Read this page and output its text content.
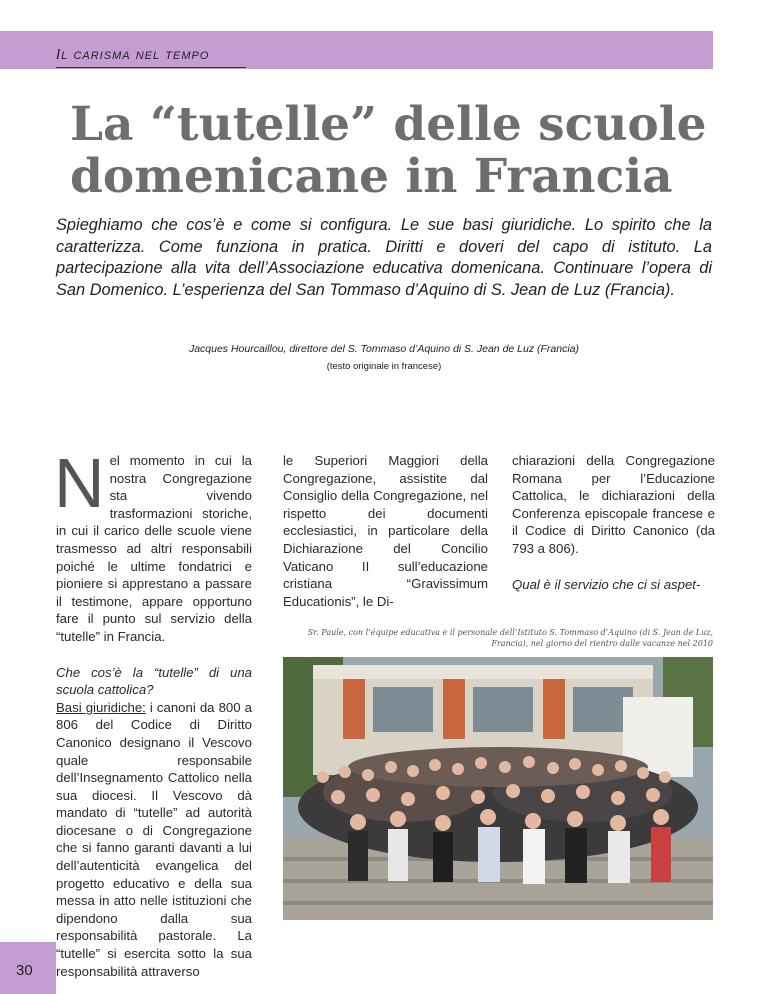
Il carisma nel tempo
La “tutelle” delle scuole
domenicane in Francia
Spieghiamo che cos’è e come si configura. Le sue basi giuridiche. Lo spirito che la caratterizza. Come funziona in pratica. Diritti e doveri del capo di istituto. La partecipazione alla vita dell’Associazione educativa domenicana. Continuare l’opera di San Domenico. L’esperienza del San Tommaso d’Aquino di S. Jean de Luz (Francia).
Jacques Hourcaillou, direttore del S. Tommaso d’Aquino di S. Jean de Luz (Francia)
(testo originale in francese)

Nel momento in cui la nostra Congregazione sta vivendo trasformazioni storiche, in cui il carico delle scuole viene trasmesso ad altri responsabili poiché le ultime fondatrici e pioniere si apprestano a passare il testimone, appare opportuno fare il punto sul servizio della “tutelle” in Francia.

Che cos’è la “tutelle” di una scuola cattolica?

Basi giuridiche: i canoni da 800 a 806 del Codice di Diritto Canonico designano il Vescovo quale responsabile dell’Insegnamento Cattolico nella sua diocesi. Il Vescovo dà mandato di “tutelle” ad autorità diocesane o di Congregazione che si fanno garanti davanti a lui dell’autenticità evangelica del progetto educativo e della sua messa in atto nelle istituzioni che dipendono dalla sua responsabilità pastorale. La “tutelle” si esercita sotto la sua responsabilità attraverso

le Superiori Maggiori della Congregazione, assistite dal Consiglio della Congregazione, nel rispetto dei documenti ecclesiastici, in particolare della Dichiarazione del Concilio Vaticano II sull’educazione cristiana “Gravissimum Educationis”, le Di-

chiarazioni della Congregazione Romana per l’Educazione Cattolica, le dichiarazioni della Conferenza episcopale francese e il Codice di Diritto Canonico (da 793 a 806).

Qual è il servizio che ci si aspet-

Sr. Paule, con l’équipe educativa e il personale dell’Istituto S. Tommaso d’Aquino (di S. Jean de Luz, Francia), nel giorno del rientro dalle vacanze nel 2010
30
